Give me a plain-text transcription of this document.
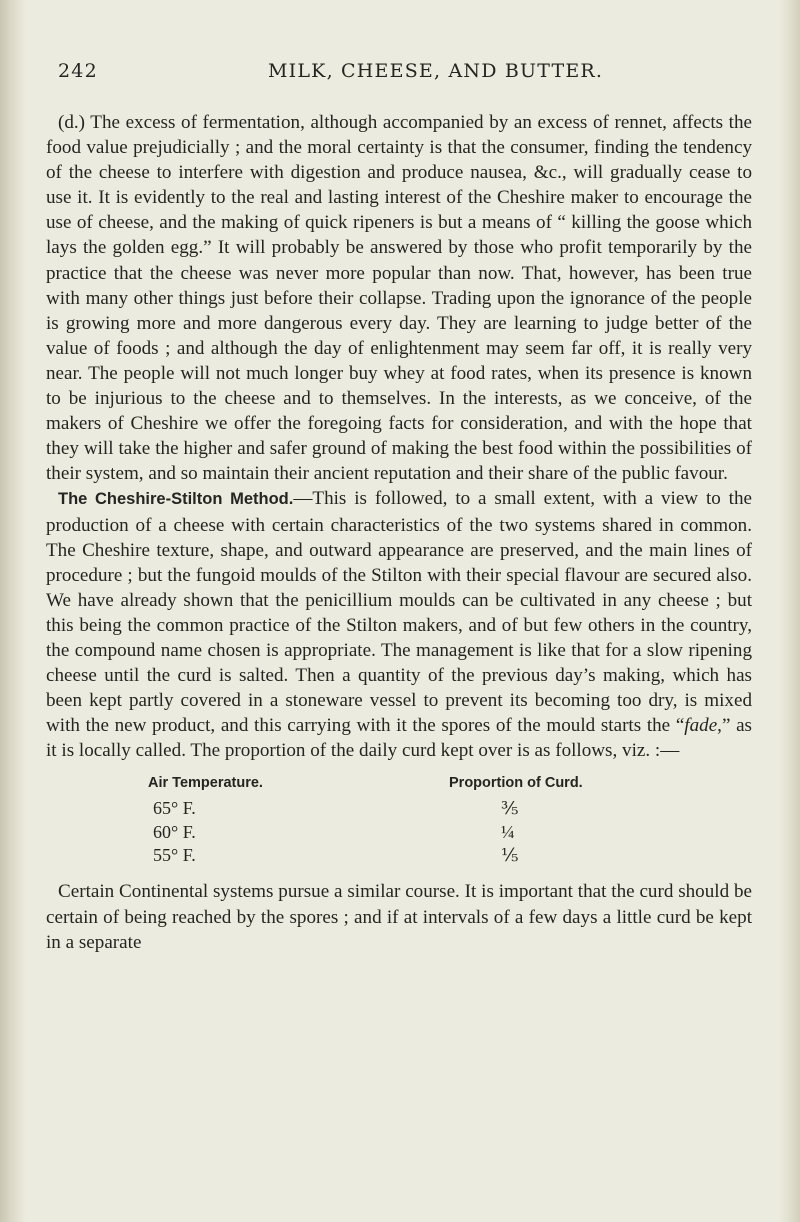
242	MILK, CHEESE, AND BUTTER.

(d.) The excess of fermentation, although accompanied by an excess of rennet, affects the food value prejudicially ; and the moral certainty is that the consumer, finding the tendency of the cheese to interfere with digestion and produce nausea, &c., will gradually cease to use it. It is evidently to the real and lasting interest of the Cheshire maker to encourage the use of cheese, and the making of quick ripeners is but a means of “ killing the goose which lays the golden egg.” It will probably be answered by those who profit temporarily by the practice that the cheese was never more popular than now. That, however, has been true with many other things just before their collapse. Trading upon the ignorance of the people is growing more and more dangerous every day. They are learning to judge better of the value of foods ; and although the day of enlightenment may seem far off, it is really very near. The people will not much longer buy whey at food rates, when its presence is known to be injurious to the cheese and to themselves. In the interests, as we conceive, of the makers of Cheshire we offer the foregoing facts for consideration, and with the hope that they will take the higher and safer ground of making the best food within the possibilities of their system, and so maintain their ancient reputation and their share of the public favour.

The Cheshire-Stilton Method.—This is followed, to a small extent, with a view to the production of a cheese with certain characteristics of the two systems shared in common. The Cheshire texture, shape, and outward appearance are preserved, and the main lines of procedure ; but the fungoid moulds of the Stilton with their special flavour are secured also. We have already shown that the penicillium moulds can be cultivated in any cheese ; but this being the common practice of the Stilton makers, and of but few others in the country, the compound name chosen is appropriate. The management is like that for a slow ripening cheese until the curd is salted. Then a quantity of the previous day’s making, which has been kept partly covered in a stoneware vessel to prevent its becoming too dry, is mixed with the new product, and this carrying with it the spores of the mould starts the “fade,” as it is locally called. The proportion of the daily curd kept over is as follows, viz. :—

Air Temperature.	Proportion of Curd.
65° F.	⅗
60° F.	¼
55° F.	⅕

Certain Continental systems pursue a similar course. It is important that the curd should be certain of being reached by the spores ; and if at intervals of a few days a little curd be kept in a separate
